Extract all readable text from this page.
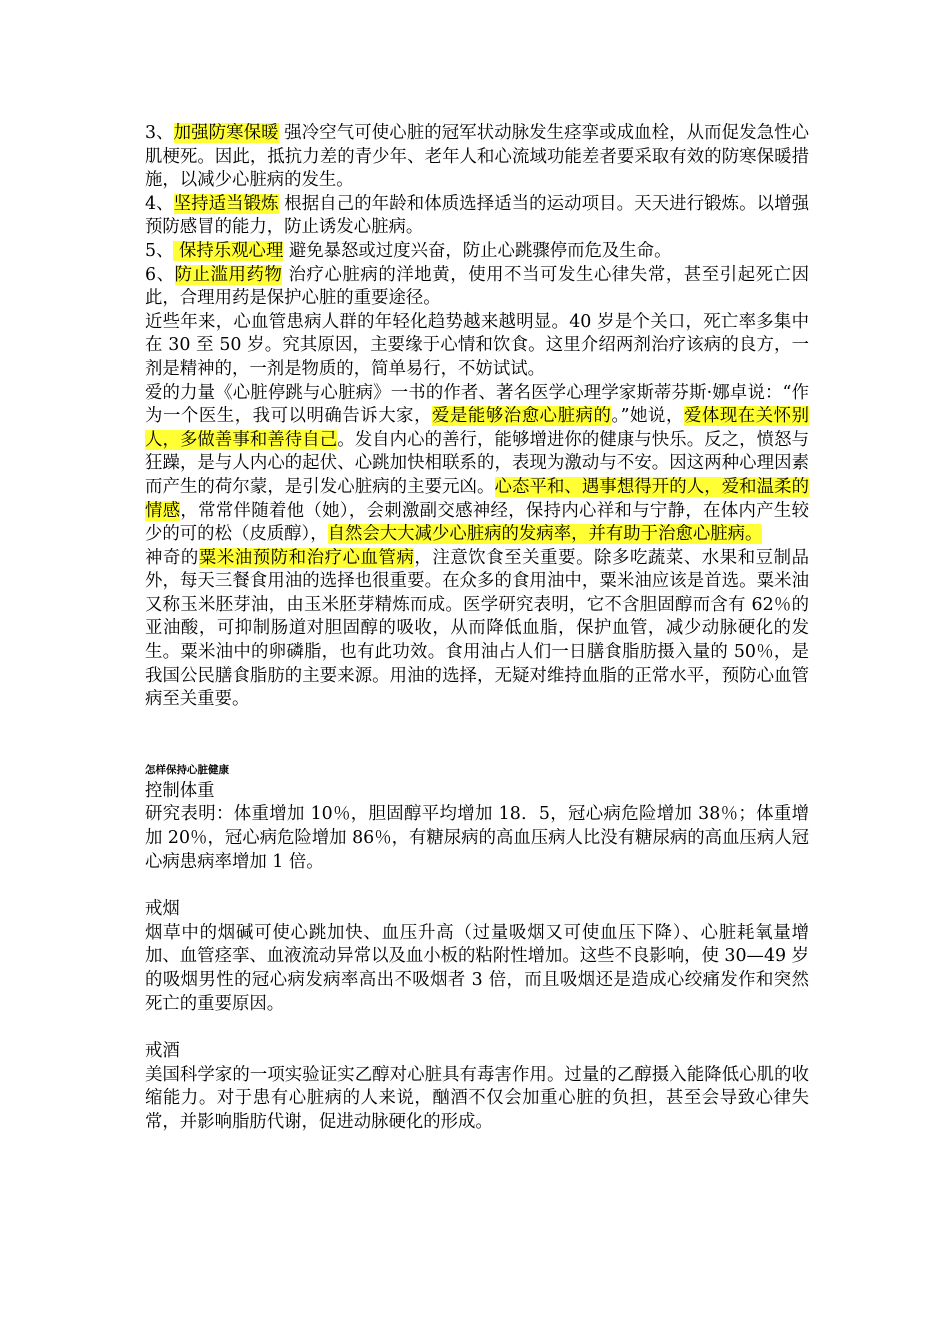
3、加强防寒保暖 强冷空气可使心脏的冠军状动脉发生痉挛或成血栓，从而促发急性心肌梗死。因此，抵抗力差的青少年、老年人和心流域功能差者要采取有效的防寒保暖措施，以减少心脏病的发生。

4、坚持适当锻炼 根据自己的年龄和体质选择适当的运动项目。天天进行锻炼。以增强预防感冒的能力，防止诱发心脏病。

5、 保持乐观心理 避免暴怒或过度兴奋，防止心跳骤停而危及生命。

6、防止滥用药物 治疗心脏病的洋地黄，使用不当可发生心律失常，甚至引起死亡因此，合理用药是保护心脏的重要途径。

近些年来，心血管患病人群的年轻化趋势越来越明显。40 岁是个关口，死亡率多集中在 30 至 50 岁。究其原因，主要缘于心情和饮食。这里介绍两剂治疗该病的良方，一剂是精神的，一剂是物质的，简单易行，不妨试试。

爱的力量《心脏停跳与心脏病》一书的作者、著名医学心理学家斯蒂芬斯·娜卓说：“作为一个医生，我可以明确告诉大家，爱是能够治愈心脏病的。”她说，爱体现在关怀别人，多做善事和善待自己。发自内心的善行，能够增进你的健康与快乐。反之，愤怒与狂躁，是与人内心的起伏、心跳加快相联系的，表现为激动与不安。因这两种心理因素而产生的荷尔蒙，是引发心脏病的主要元凶。心态平和、遇事想得开的人，爱和温柔的情感，常常伴随着他（她），会刺激副交感神经，保持内心祥和与宁静，在体内产生较少的可的松（皮质醇），自然会大大减少心脏病的发病率，并有助于治愈心脏病。

神奇的粟米油预防和治疗心血管病，注意饮食至关重要。除多吃蔬菜、水果和豆制品外，每天三餐食用油的选择也很重要。在众多的食用油中，粟米油应该是首选。粟米油又称玉米胚芽油，由玉米胚芽精炼而成。医学研究表明，它不含胆固醇而含有 62％的亚油酸，可抑制肠道对胆固醇的吸收，从而降低血脂，保护血管，减少动脉硬化的发生。粟米油中的卵磷脂，也有此功效。食用油占人们一日膳食脂肪摄入量的 50％，是我国公民膳食脂肪的主要来源。用油的选择，无疑对维持血脂的正常水平，预防心血管病至关重要。

怎样保持心脏健康

控制体重

研究表明：体重增加 10％，胆固醇平均增加 18．5，冠心病危险增加 38％；体重增加 20％，冠心病危险增加 86％，有糖尿病的高血压病人比没有糖尿病的高血压病人冠心病患病率增加 1 倍。

戒烟

烟草中的烟碱可使心跳加快、血压升高（过量吸烟又可使血压下降）、心脏耗氧量增加、血管痉挛、血液流动异常以及血小板的粘附性增加。这些不良影响，使 30—49 岁的吸烟男性的冠心病发病率高出不吸烟者 3 倍，而且吸烟还是造成心绞痛发作和突然死亡的重要原因。

戒酒

美国科学家的一项实验证实乙醇对心脏具有毒害作用。过量的乙醇摄入能降低心肌的收缩能力。对于患有心脏病的人来说，酗酒不仅会加重心脏的负担，甚至会导致心律失常，并影响脂肪代谢，促进动脉硬化的形成。
